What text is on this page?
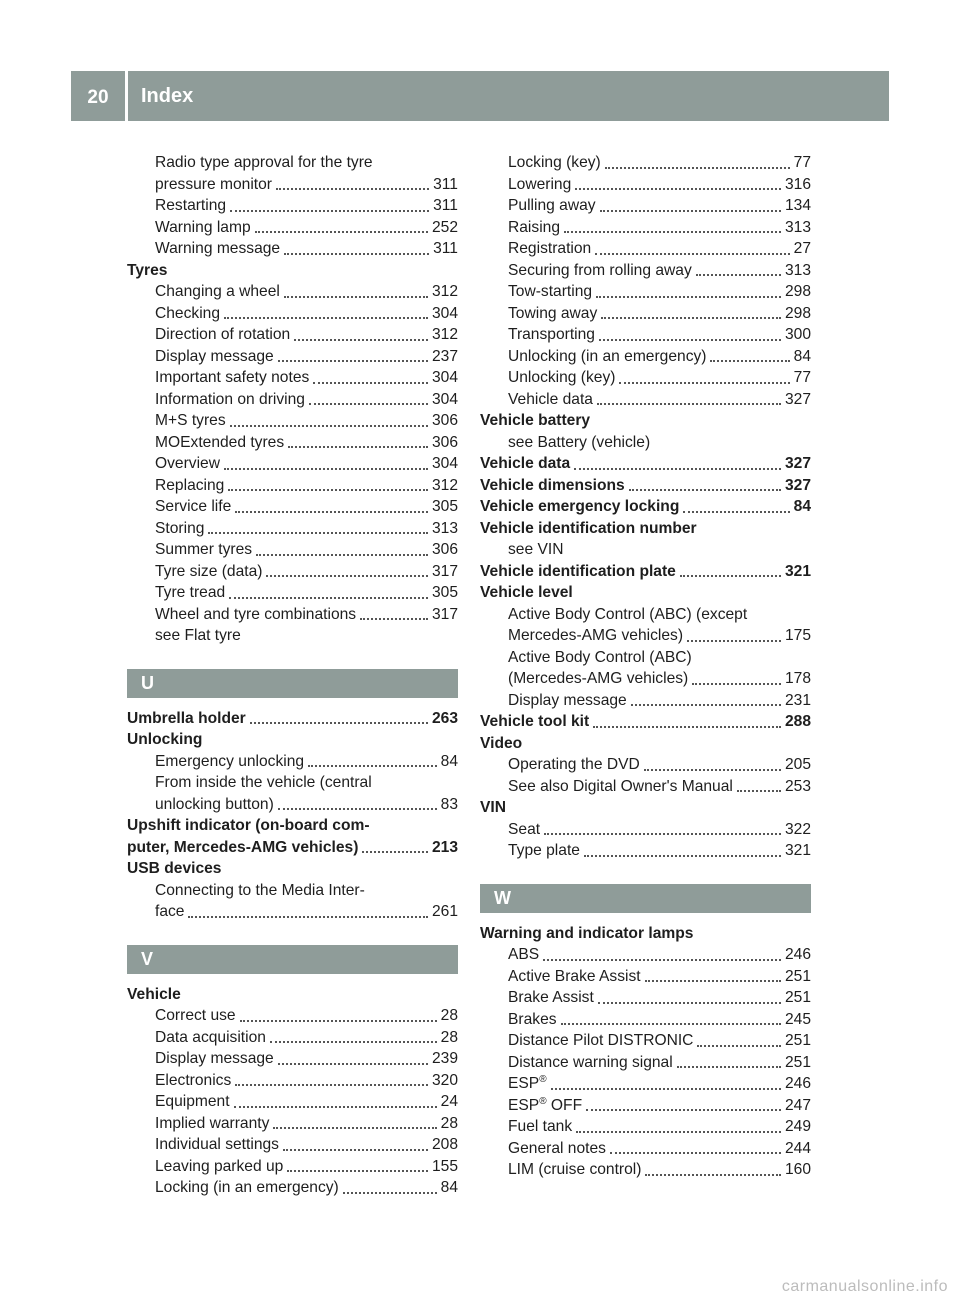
20	Index
Radio type approval for the tyre
pressure monitor	311
Restarting	311
Warning lamp	252
Warning message	311
Tyres
Changing a wheel	312
Checking	304
Direction of rotation	312
Display message	237
Important safety notes	304
Information on driving	304
M+S tyres	306
MOExtended tyres	306
Overview	304
Replacing	312
Service life	305
Storing	313
Summer tyres	306
Tyre size (data)	317
Tyre tread	305
Wheel and tyre combinations	317
see Flat tyre
U
Umbrella holder	263
Unlocking
Emergency unlocking	84
From inside the vehicle (central
unlocking button)	83
Upshift indicator (on-board com-
puter, Mercedes-AMG vehicles)	213
USB devices
Connecting to the Media Inter-
face	261
V
Vehicle
Correct use	28
Data acquisition	28
Display message	239
Electronics	320
Equipment	24
Implied warranty	28
Individual settings	208
Leaving parked up	155
Locking (in an emergency)	84
Locking (key)	77
Lowering	316
Pulling away	134
Raising	313
Registration	27
Securing from rolling away	313
Tow-starting	298
Towing away	298
Transporting	300
Unlocking (in an emergency)	84
Unlocking (key)	77
Vehicle data	327
Vehicle battery
see Battery (vehicle)
Vehicle data	327
Vehicle dimensions	327
Vehicle emergency locking	84
Vehicle identification number
see VIN
Vehicle identification plate	321
Vehicle level
Active Body Control (ABC) (except
Mercedes-AMG vehicles)	175
Active Body Control (ABC)
(Mercedes-AMG vehicles)	178
Display message	231
Vehicle tool kit	288
Video
Operating the DVD	205
See also Digital Owner's Manual	253
VIN
Seat	322
Type plate	321
W
Warning and indicator lamps
ABS	246
Active Brake Assist	251
Brake Assist	251
Brakes	245
Distance Pilot DISTRONIC	251
Distance warning signal	251
ESP®	246
ESP® OFF	247
Fuel tank	249
General notes	244
LIM (cruise control)	160
carmanualsonline.info
